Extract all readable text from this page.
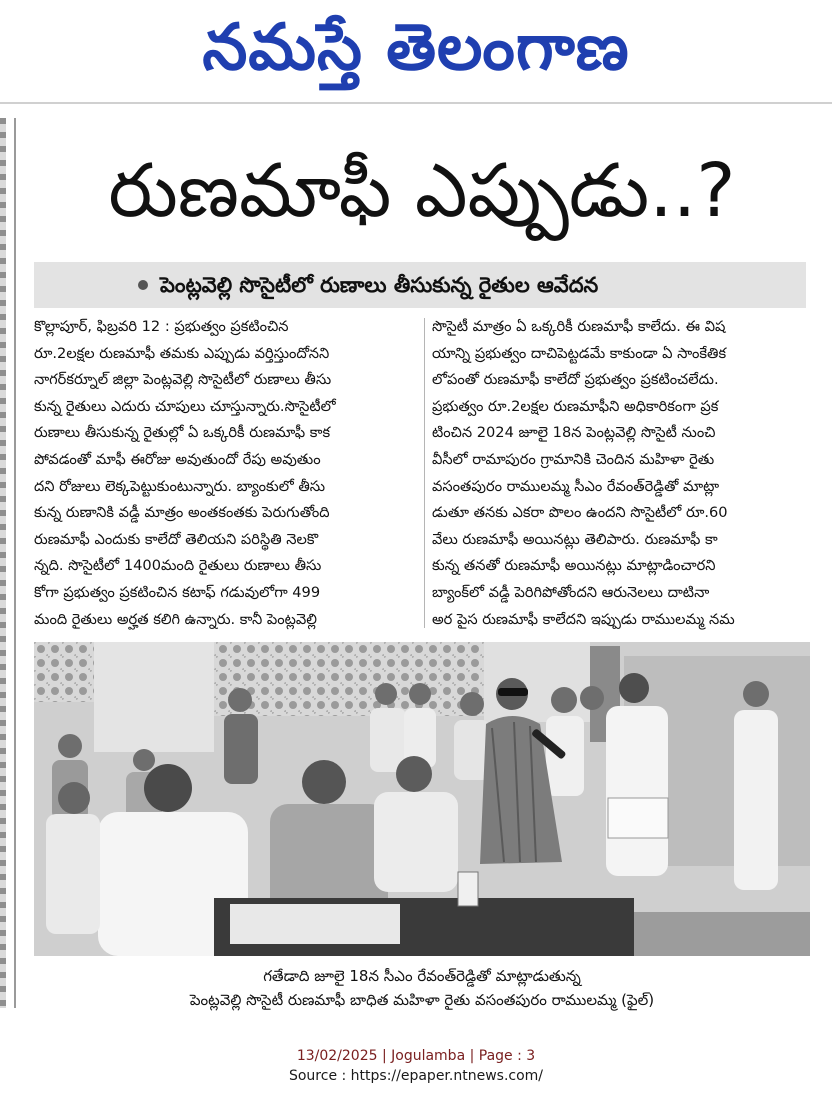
నమస్తే తెలంగాణ
రుణమాఫీ ఎప్పుడు..?
పెంట్లవెల్లి సొసైటీలో రుణాలు తీసుకున్న రైతుల ఆవేదన
కొల్లాపూర్, ఫిబ్రవరి 12 : ప్రభుత్వం ప్రకటించిన
రూ.2లక్షల రుణమాఫీ తమకు ఎప్పుడు వర్తిస్తుందోనని
నాగర్‌కర్నూల్ జిల్లా పెంట్లవెల్లి సొసైటీలో రుణాలు తీసు
కున్న రైతులు ఎదురు చూపులు చూస్తున్నారు.సొసైటీలో
రుణాలు తీసుకున్న రైతుల్లో ఏ ఒక్కరికీ రుణమాఫీ కాక
పోవడంతో మాఫీ ఈరోజు అవుతుందో రేపు అవుతుం
దని రోజులు లెక్కపెట్టుకుంటున్నారు. బ్యాంకులో తీసు
కున్న రుణానికి వడ్డీ మాత్రం అంతకంతకు పెరుగుతోంది
రుణమాఫీ ఎందుకు కాలేదో తెలియని పరిస్థితి నెలకొ
న్నది. సొసైటీలో 1400మంది రైతులు రుణాలు తీసు
కోగా ప్రభుత్వం ప్రకటించిన కటాఫ్ గడువులోగా 499
మంది రైతులు అర్హత కలిగి ఉన్నారు. కానీ పెంట్లవెల్లి
సొసైటీ మాత్రం ఏ ఒక్కరికీ రుణమాఫీ కాలేదు. ఈ విష
యాన్ని ప్రభుత్వం దాచిపెట్టడమే కాకుండా ఏ సాంకేతిక
లోపంతో రుణమాఫీ కాలేదో ప్రభుత్వం ప్రకటించలేదు.
ప్రభుత్వం రూ.2లక్షల రుణమాఫీని అధికారికంగా ప్రక
టించిన 2024 జూలై 18న పెంట్లవెల్లి సొసైటీ నుంచి
వీసీలో రామాపురం గ్రామానికి చెందిన మహిళా రైతు
వసంతపురం రాములమ్మ సీఎం రేవంత్‌రెడ్డితో మాట్లా
డుతూ తనకు ఎకరా పొలం ఉందని సొసైటీలో రూ.60
వేలు రుణమాఫీ అయినట్లు తెలిపారు. రుణమాఫీ కా
కున్న తనతో రుణమాఫీ అయినట్లు మాట్లాడించారని
బ్యాంక్‌లో వడ్డీ పెరిగిపోతోందని ఆరునెలలు దాటినా
అర పైస రుణమాఫీ కాలేదని ఇప్పుడు రాములమ్మ నమ
గతేడాది జూలై 18న సీఎం రేవంత్‌రెడ్డితో మాట్లాడుతున్న
పెంట్లవెల్లి సొసైటీ రుణమాఫీ బాధిత మహిళా రైతు వసంతపురం రాములమ్మ (ఫైల్)
13/02/2025 | Jogulamba | Page : 3
Source : https://epaper.ntnews.com/
